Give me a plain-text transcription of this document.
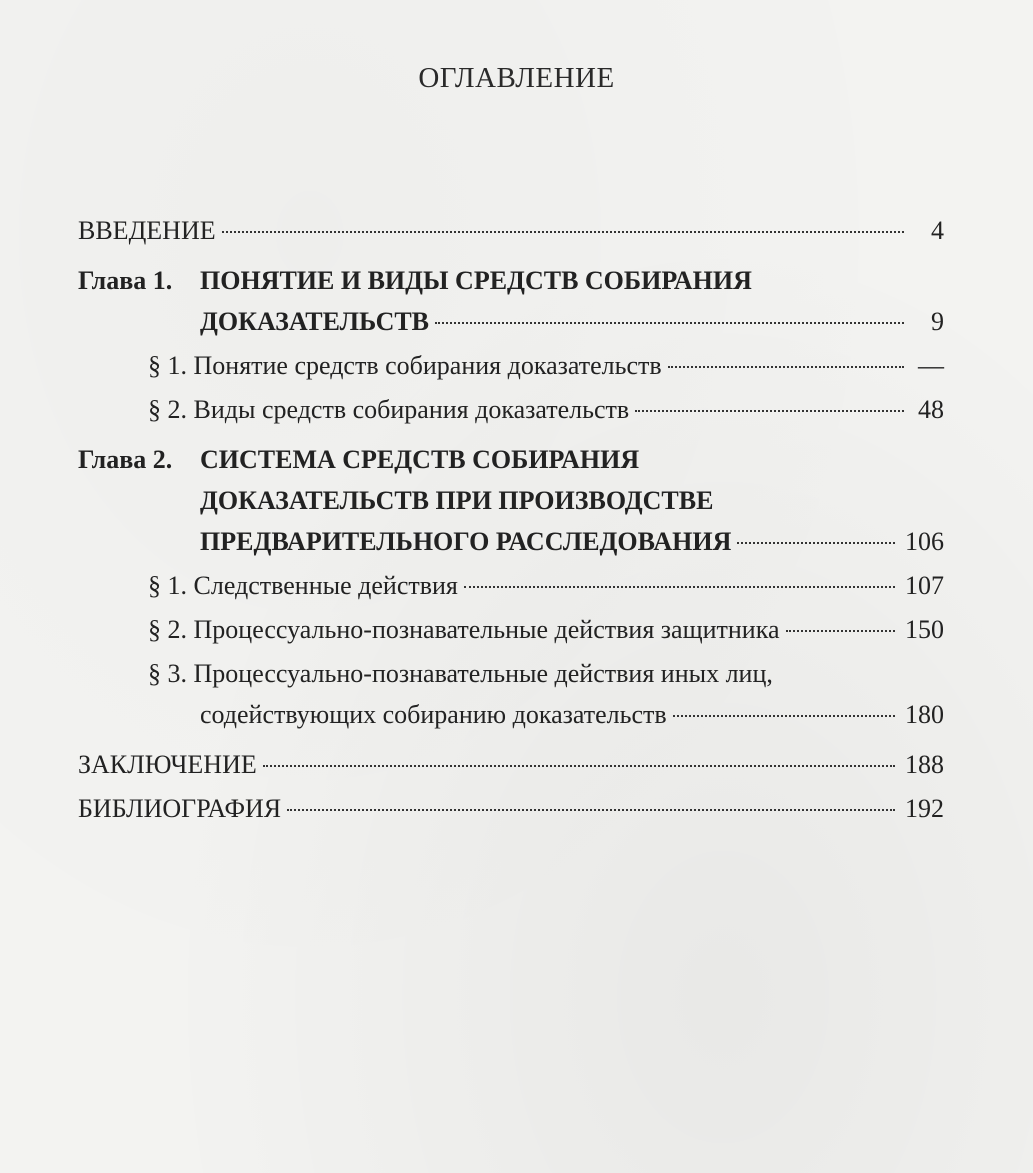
ОГЛАВЛЕНИЕ
ВВЕДЕНИЕ	4
Глава 1.	ПОНЯТИЕ И ВИДЫ СРЕДСТВ СОБИРАНИЯ
ДОКАЗАТЕЛЬСТВ	9
§ 1. Понятие средств собирания доказательств	—
§ 2. Виды средств собирания доказательств	48
Глава 2.	СИСТЕМА СРЕДСТВ СОБИРАНИЯ
ДОКАЗАТЕЛЬСТВ ПРИ ПРОИЗВОДСТВЕ
ПРЕДВАРИТЕЛЬНОГО РАССЛЕДОВАНИЯ	106
§ 1. Следственные действия	107
§ 2. Процессуально-познавательные действия защитника	150
§ 3. Процессуально-познавательные действия иных лиц,
содействующих собиранию доказательств	180
ЗАКЛЮЧЕНИЕ	188
БИБЛИОГРАФИЯ	192
